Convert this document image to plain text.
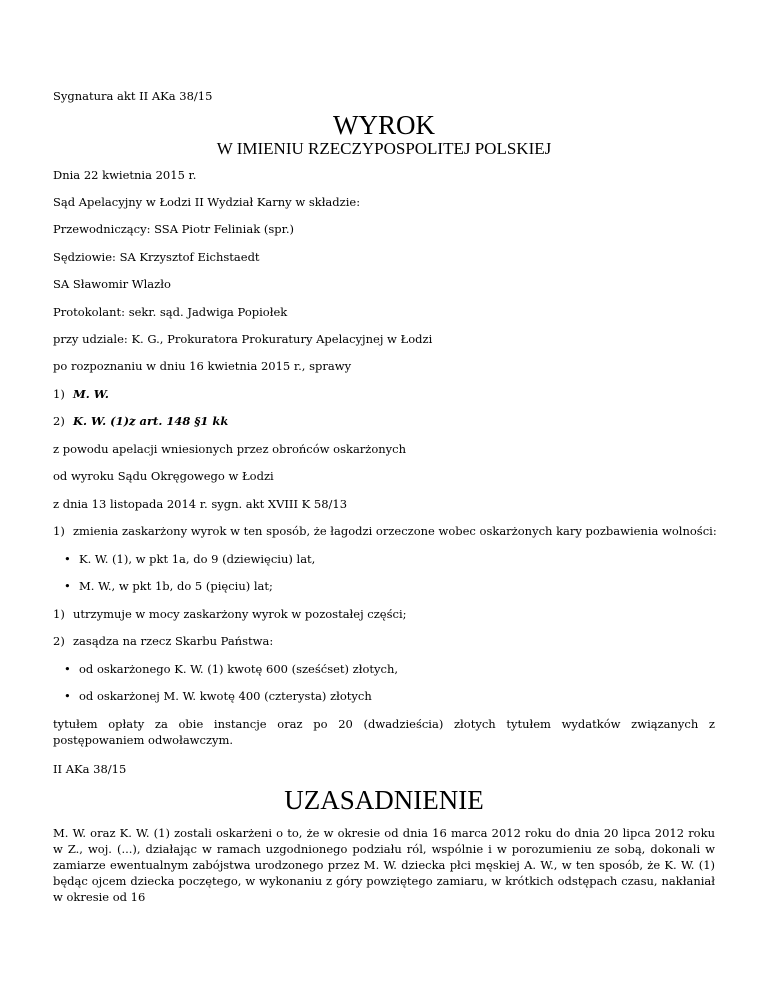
Sygnatura akt II AKa 38/15
WYROK
W IMIENIU RZECZYPOSPOLITEJ POLSKIEJ
Dnia 22 kwietnia 2015 r.
Sąd Apelacyjny w Łodzi II Wydział Karny w składzie:
Przewodniczący: SSA Piotr Feliniak (spr.)
Sędziowie: SA Krzysztof Eichstaedt
SA Sławomir Wlazło
Protokolant: sekr. sąd. Jadwiga Popiołek
przy udziale: K. G., Prokuratora Prokuratury Apelacyjnej w Łodzi
po rozpoznaniu w dniu 16 kwietnia 2015 r., sprawy
1) M. W.
2) K. W. (1)z art. 148 §1 kk
z powodu apelacji wniesionych przez obrońców oskarżonych
od wyroku Sądu Okręgowego w Łodzi
z dnia 13 listopada 2014 r. sygn. akt XVIII K 58/13
1) zmienia zaskarżony wyrok w ten sposób, że łagodzi orzeczone wobec oskarżonych kary pozbawienia wolności:
• K. W. (1), w pkt 1a, do 9 (dziewięciu) lat,
• M. W., w pkt 1b, do 5 (pięciu) lat;
1) utrzymuje w mocy zaskarżony wyrok w pozostałej części;
2) zasądza na rzecz Skarbu Państwa:
• od oskarżonego K. W. (1) kwotę 600 (sześćset) złotych,
• od oskarżonej M. W. kwotę 400 (czterysta) złotych
tytułem opłaty za obie instancje oraz po 20 (dwadzieścia) złotych tytułem wydatków związanych z postępowaniem odwoławczym.
II AKa 38/15
UZASADNIENIE
M. W. oraz K. W. (1) zostali oskarżeni o to, że w okresie od dnia 16 marca 2012 roku do dnia 20 lipca 2012 roku w Z., woj. (...), działając w ramach uzgodnionego podziału ról, wspólnie i w porozumieniu ze sobą, dokonali w zamiarze ewentualnym zabójstwa urodzonego przez M. W. dziecka płci męskiej A. W., w ten sposób, że K. W. (1) będąc ojcem dziecka poczętego, w wykonaniu z góry powziętego zamiaru, w krótkich odstępach czasu, nakłaniał w okresie od 16
